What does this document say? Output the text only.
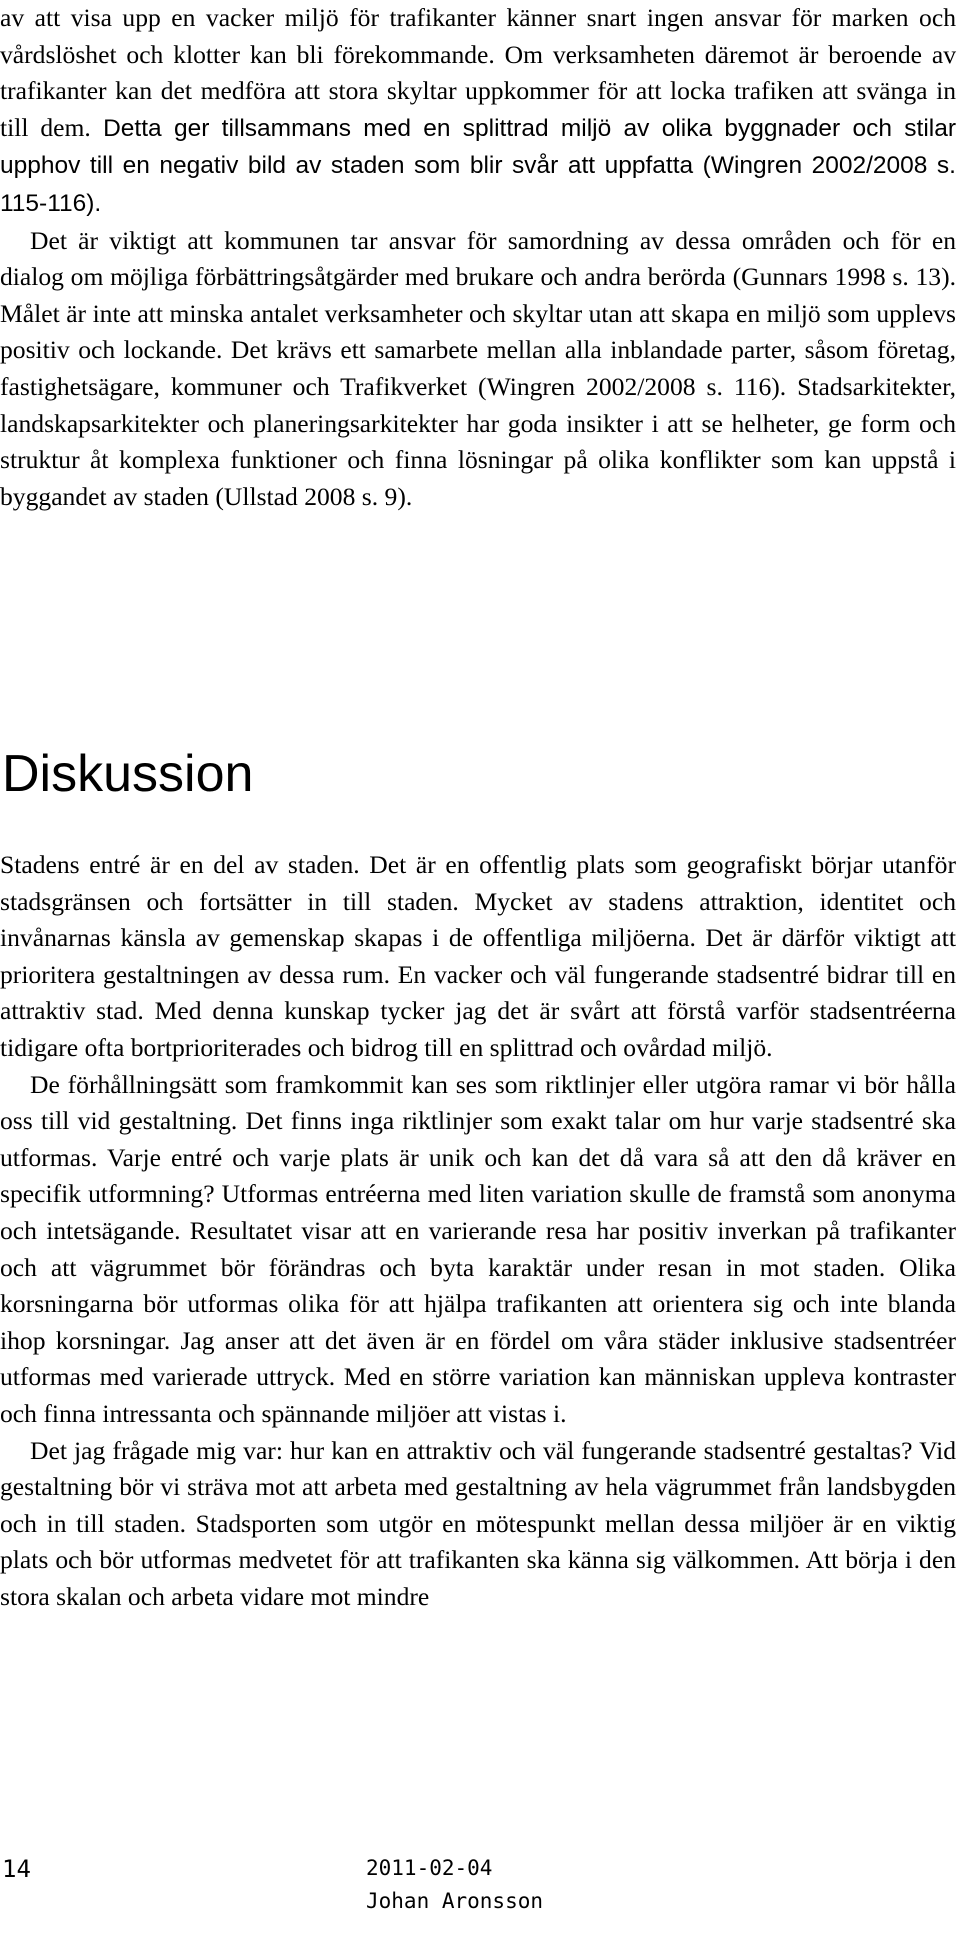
av att visa upp en vacker miljö för trafikanter känner snart ingen ansvar för marken och vårdslöshet och klotter kan bli förekommande. Om verksamheten däremot är beroende av trafikanter kan det medföra att stora skyltar uppkommer för att locka trafiken att svänga in till dem. Detta ger tillsammans med en splittrad miljö av olika byggnader och stilar upphov till en negativ bild av staden som blir svår att uppfatta (Wingren 2002/2008 s. 115-116).

Det är viktigt att kommunen tar ansvar för samordning av dessa områden och för en dialog om möjliga förbättringsåtgärder med brukare och andra berörda (Gunnars 1998 s. 13). Målet är inte att minska antalet verksamheter och skyltar utan att skapa en miljö som upplevs positiv och lockande. Det krävs ett samarbete mellan alla inblandade parter, såsom företag, fastighetsägare, kommuner och Trafikverket (Wingren 2002/2008 s. 116). Stadsarkitekter, landskapsarkitekter och planeringsarkitekter har goda insikter i att se helheter, ge form och struktur åt komplexa funktioner och finna lösningar på olika konflikter som kan uppstå i byggandet av staden (Ullstad 2008 s. 9).

Diskussion

Stadens entré är en del av staden. Det är en offentlig plats som geografiskt börjar utanför stadsgränsen och fortsätter in till staden. Mycket av stadens attraktion, identitet och invånarnas känsla av gemenskap skapas i de offentliga miljöerna. Det är därför viktigt att prioritera gestaltningen av dessa rum. En vacker och väl fungerande stadsentré bidrar till en attraktiv stad. Med denna kunskap tycker jag det är svårt att förstå varför stadsentréerna tidigare ofta bortprioriterades och bidrog till en splittrad och ovårdad miljö.

De förhållningsätt som framkommit kan ses som riktlinjer eller utgöra ramar vi bör hålla oss till vid gestaltning. Det finns inga riktlinjer som exakt talar om hur varje stadsentré ska utformas. Varje entré och varje plats är unik och kan det då vara så att den då kräver en specifik utformning? Utformas entréerna med liten variation skulle de framstå som anonyma och intetsägande. Resultatet visar att en varierande resa har positiv inverkan på trafikanter och att vägrummet bör förändras och byta karaktär under resan in mot staden. Olika korsningarna bör utformas olika för att hjälpa trafikanten att orientera sig och inte blanda ihop korsningar. Jag anser att det även är en fördel om våra städer inklusive stadsentréer utformas med varierade uttryck. Med en större variation kan människan uppleva kontraster och finna intressanta och spännande miljöer att vistas i.

Det jag frågade mig var: hur kan en attraktiv och väl fungerande stadsentré gestaltas? Vid gestaltning bör vi sträva mot att arbeta med gestaltning av hela vägrummet från landsbygden och in till staden. Stadsporten som utgör en mötespunkt mellan dessa miljöer är en viktig plats och bör utformas medvetet för att trafikanten ska känna sig välkommen. Att börja i den stora skalan och arbeta vidare mot mindre

14	2011-02-04
Johan Aronsson
